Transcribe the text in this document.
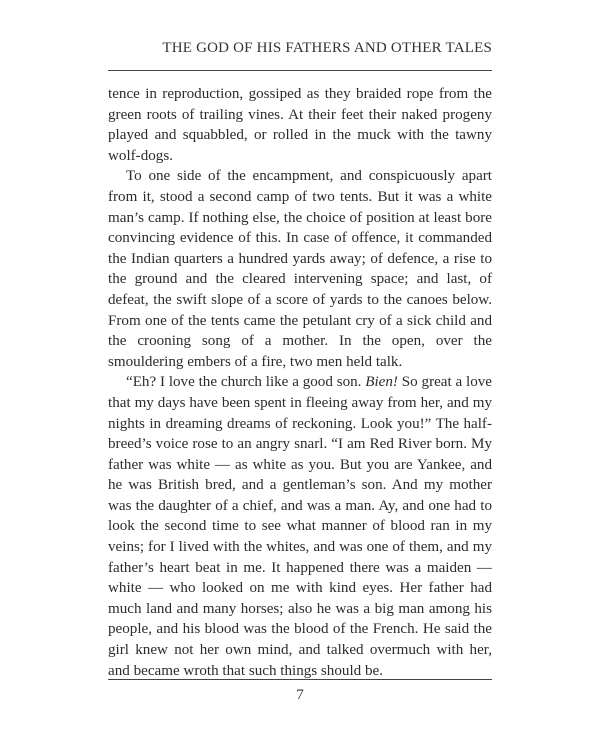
THE GOD OF HIS FATHERS AND OTHER TALES

tence in reproduction, gossiped as they braided rope from the green roots of trailing vines. At their feet their naked progeny played and squabbled, or rolled in the muck with the tawny wolf-dogs.

To one side of the encampment, and conspicuously apart from it, stood a second camp of two tents. But it was a white man’s camp. If nothing else, the choice of position at least bore convincing evidence of this. In case of offence, it commanded the Indian quarters a hundred yards away; of defence, a rise to the ground and the cleared intervening space; and last, of defeat, the swift slope of a score of yards to the canoes below. From one of the tents came the petulant cry of a sick child and the crooning song of a mother. In the open, over the smouldering embers of a fire, two men held talk.

“Eh? I love the church like a good son. Bien! So great a love that my days have been spent in fleeing away from her, and my nights in dreaming dreams of reckoning. Look you!” The half-breed’s voice rose to an angry snarl. “I am Red River born. My father was white — as white as you. But you are Yankee, and he was British bred, and a gentleman’s son. And my mother was the daughter of a chief, and was a man. Ay, and one had to look the second time to see what manner of blood ran in my veins; for I lived with the whites, and was one of them, and my father’s heart beat in me. It happened there was a maiden — white — who looked on me with kind eyes. Her father had much land and many horses; also he was a big man among his people, and his blood was the blood of the French. He said the girl knew not her own mind, and talked overmuch with her, and became wroth that such things should be.

7
